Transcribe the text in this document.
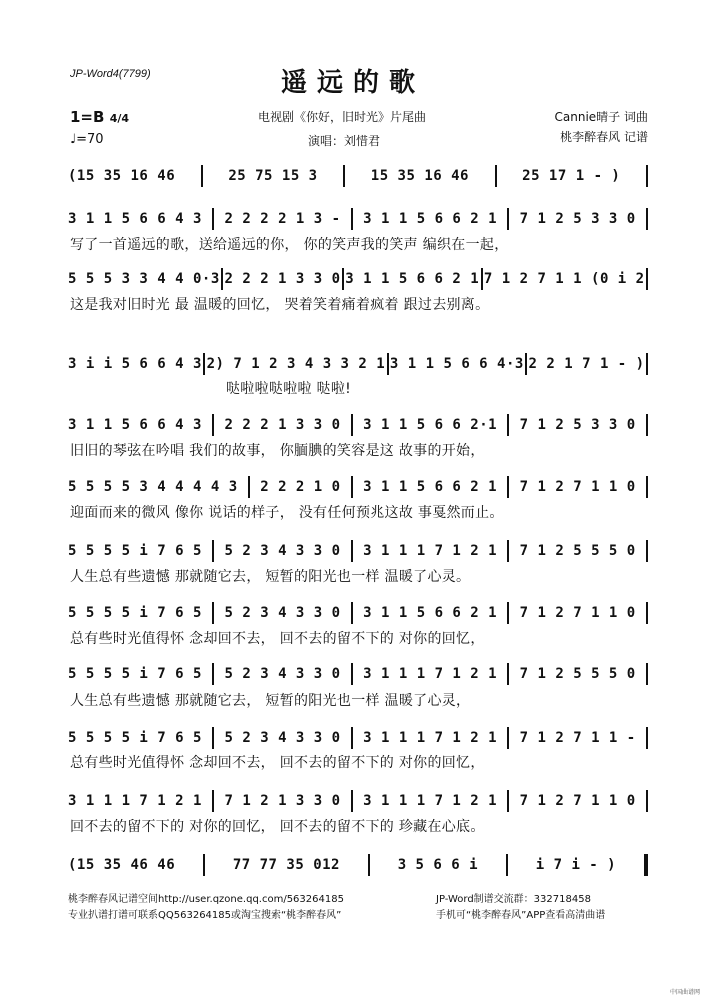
JP-Word4(7799)	遥远的歌
1=B 4/4
♩=70
电视剧《你好，旧时光》片尾曲
演唱：刘惜君
Cannie晴子 词曲
桃李醉春风 记谱
(15 35 16 46	25 75 15 3	15 35 16 46	25 17 1 - )
3 1 1 5 6 6 4 3 2 2 2 2 1 3 - 3 1 1 5 6 6 2 1 7 1 2 5 3 3 0
写了一首遥远的歌，送给遥远的你， 你的笑声我的笑声 编织在一起，
5 5 5 3 3 4 4 0·3 2 2 2 1 3 3 0 3 1 1 5 6 6 2 1 7 1 2 7 1 1 (0 i 2
这是我对旧时光 最 温暖的回忆， 哭着笑着痛着疯着 跟过去别离。
3 i i 5 6 6 4 3 2) 7 1 2 3 4 3 3 2 1 3 1 1 5 6 6 4·3 2 2 1 7 1 - )
哒啦啦哒啦啦 哒啦!
3 1 1 5 6 6 4 3 2 2 2 1 3 3 0 3 1 1 5 6 6 2·1 7 1 2 5 3 3 0
旧旧的琴弦在吟唱 我们的故事， 你腼腆的笑容是这 故事的开始，
5 5 5 5 3 4 4 4 4 3 2 2 2 1 0 3 1 1 5 6 6 2 1 7 1 2 7 1 1 0
迎面而来的微风 像你 说话的样子， 没有任何预兆这故 事戛然而止。
5 5 5 5 i 7 6 5 5 2 3 4 3 3 0 3 1 1 1 7 1 2 1 7 1 2 5 5 5 0
人生总有些遗憾 那就随它去， 短暂的阳光也一样 温暖了心灵。
5 5 5 5 i 7 6 5 5 2 3 4 3 3 0 3 1 1 5 6 6 2 1 7 1 2 7 1 1 0
总有些时光值得怀 念却回不去， 回不去的留不下的 对你的回忆，
5 5 5 5 i 7 6 5 5 2 3 4 3 3 0 3 1 1 1 7 1 2 1 7 1 2 5 5 5 0
人生总有些遗憾 那就随它去， 短暂的阳光也一样 温暖了心灵，
5 5 5 5 i 7 6 5 5 2 3 4 3 3 0 3 1 1 1 7 1 2 1 7 1 2 7 1 1 -
总有些时光值得怀 念却回不去， 回不去的留不下的 对你的回忆，
3 1 1 1 7 1 2 1 7 1 2 1 3 3 0 3 1 1 1 7 1 2 1 7 1 2 7 1 1 0
回不去的留不下的 对你的回忆， 回不去的留不下的 珍藏在心底。
(15 35 46 46	77 77 35 012	3 5 6 6 i	i 7 i - )
桃李醉春风记谱空间http://user.qzone.qq.com/563264185
专业扒谱打谱可联系QQ563264185或淘宝搜索“桃李醉春风”
JP-Word制谱交流群：332718458
手机可“桃李醉春风”APP查看高清曲谱
中国曲谱网
